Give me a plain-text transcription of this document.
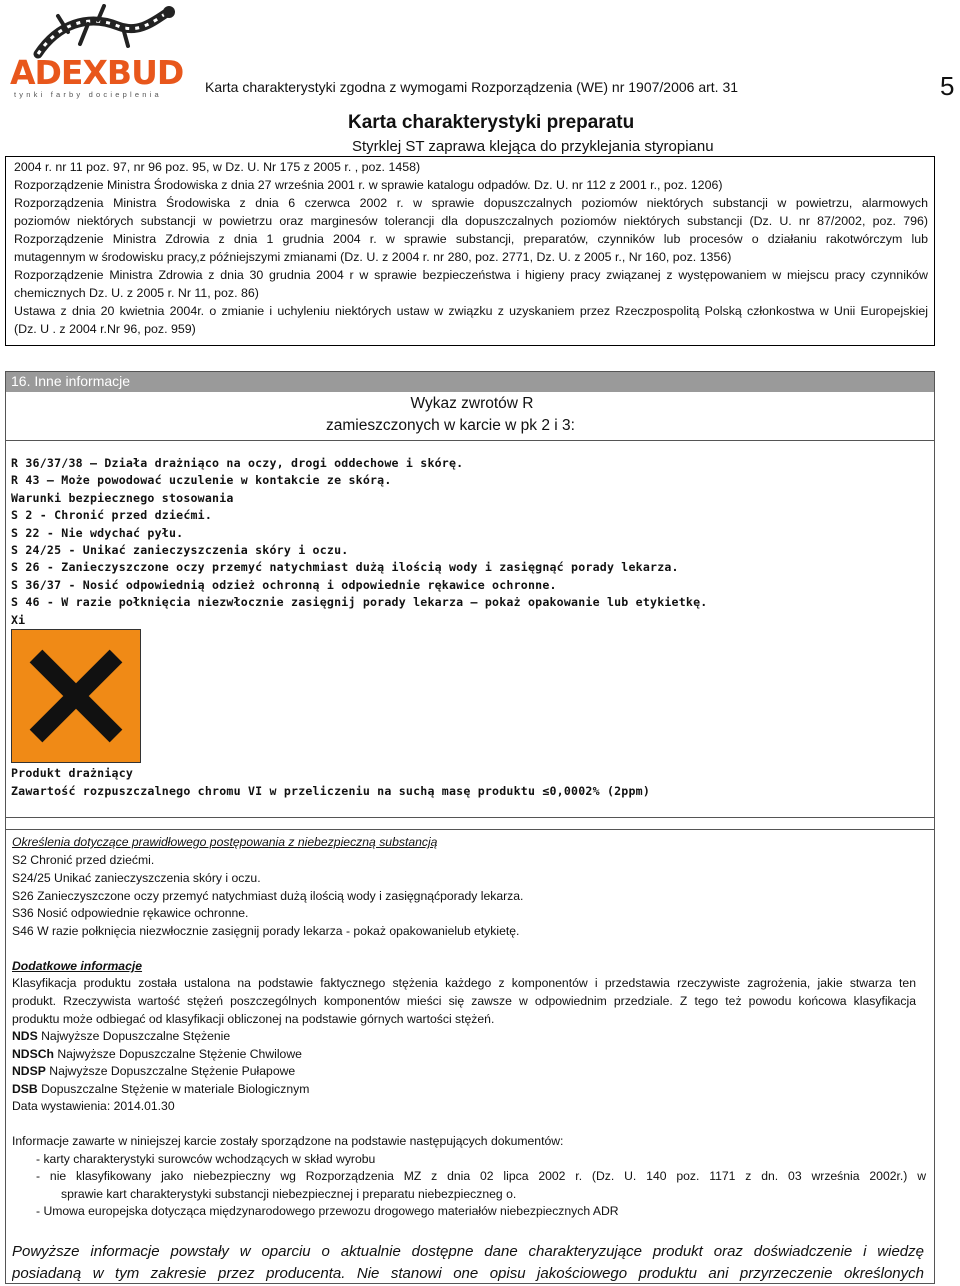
ADEXBUD
tynki farby docieplenia	Karta charakterystyki zgodna z wymogami Rozporządzenia (WE) nr 1907/2006 art. 31	5
Karta charakterystyki preparatu
Styrklej ST zaprawa klejąca do przyklejania styropianu
2004 r. nr 11 poz. 97, nr 96 poz. 95, w Dz. U. Nr 175 z 2005 r. , poz. 1458)
Rozporządzenie Ministra Środowiska z dnia 27 września 2001 r. w sprawie katalogu odpadów. Dz. U. nr 112 z 2001 r., poz. 1206)
Rozporządzenia Ministra Środowiska z dnia 6 czerwca 2002 r. w sprawie dopuszczalnych poziomów niektórych substancji w powietrzu, alarmowych
poziomów niektórych substancji w powietrzu oraz marginesów tolerancji dla dopuszczalnych poziomów niektórych substancji (Dz. U. nr 87/2002, poz. 796)
Rozporządzenie Ministra Zdrowia z dnia 1 grudnia 2004 r. w sprawie substancji, preparatów, czynników lub procesów o działaniu rakotwórczym lub
mutagennym w środowisku pracy,z późniejszymi zmianami (Dz. U. z 2004 r. nr 280, poz. 2771, Dz. U. z 2005 r., Nr 160, poz. 1356)
Rozporządzenie Ministra Zdrowia z dnia 30 grudnia 2004 r w sprawie bezpieczeństwa i higieny pracy związanej z występowaniem w miejscu pracy czynników
chemicznych Dz. U. z 2005 r. Nr 11, poz. 86)
Ustawa z dnia 20 kwietnia 2004r. o zmianie i uchyleniu niektórych ustaw w związku z uzyskaniem przez Rzeczpospolitą Polską członkostwa w Unii Europejskiej
(Dz. U . z 2004 r.Nr 96, poz. 959)
16. Inne informacje
Wykaz zwrotów R
zamieszczonych w karcie w pk 2 i 3:
R 36/37/38 – Działa drażniąco na oczy, drogi oddechowe i skórę.
R 43 – Może powodować uczulenie w kontakcie ze skórą.
Warunki bezpiecznego stosowania
S 2 - Chronić przed dziećmi.
S 22 - Nie wdychać pyłu.
S 24/25 - Unikać zanieczyszczenia skóry i oczu.
S 26 - Zanieczyszczone oczy przemyć natychmiast dużą ilością wody i zasięgnąć porady lekarza.
S 36/37 - Nosić odpowiednią odzież ochronną i odpowiednie rękawice ochronne.
S 46 - W razie połknięcia niezwłocznie zasięgnij porady lekarza – pokaż opakowanie lub etykietkę.
Xi
Produkt drażniący
Zawartość rozpuszczalnego chromu VI w przeliczeniu na suchą masę produktu ≤0,0002% (2ppm)
Określenia dotyczące prawidłowego postępowania z niebezpieczną substancją
S2 Chronić przed dziećmi.
S24/25 Unikać zanieczyszczenia skóry i oczu.
S26 Zanieczyszczone oczy przemyć natychmiast dużą ilością wody i zasięgnąćporady lekarza.
S36 Nosić odpowiednie rękawice ochronne.
S46 W razie połknięcia niezwłocznie zasięgnij porady lekarza - pokaż opakowanielub etykietę.
Dodatkowe informacje
Klasyfikacja produktu została ustalona na podstawie faktycznego stężenia każdego z komponentów i przedstawia rzeczywiste zagrożenia, jakie stwarza ten
produkt. Rzeczywista wartość stężeń poszczególnych komponentów mieści się zawsze w odpowiednim przedziale. Z tego też powodu końcowa klasyfikacja
produktu może odbiegać od klasyfikacji obliczonej na podstawie górnych wartości stężeń.
NDS Najwyższe Dopuszczalne Stężenie
NDSCh Najwyższe Dopuszczalne Stężenie Chwilowe
NDSP Najwyższe Dopuszczalne Stężenie Pułapowe
DSB Dopuszczalne Stężenie w materiale Biologicznym
Data wystawienia: 2014.01.30
Informacje zawarte w niniejszej karcie zostały sporządzone na podstawie następujących dokumentów:
- karty charakterystyki surowców wchodzących w skład wyrobu
- nie klasyfikowany jako niebezpieczny wg Rozporządzenia MZ z dnia 02 lipca 2002 r. (Dz. U. 140 poz. 1171 z dn. 03 września 2002r.) w
sprawie kart charakterystyki substancji niebezpiecznej i preparatu niebezpieczneg o.
- Umowa europejska dotycząca międzynarodowego przewozu drogowego materiałów niebezpiecznych ADR
Powyższe informacje powstały w oparciu o aktualnie dostępne dane charakteryzujące produkt oraz doświadczenie i wiedzę
posiadaną w tym zakresie przez producenta. Nie stanowi one opisu jakościowego produktu ani przyrzeczenie określonych
